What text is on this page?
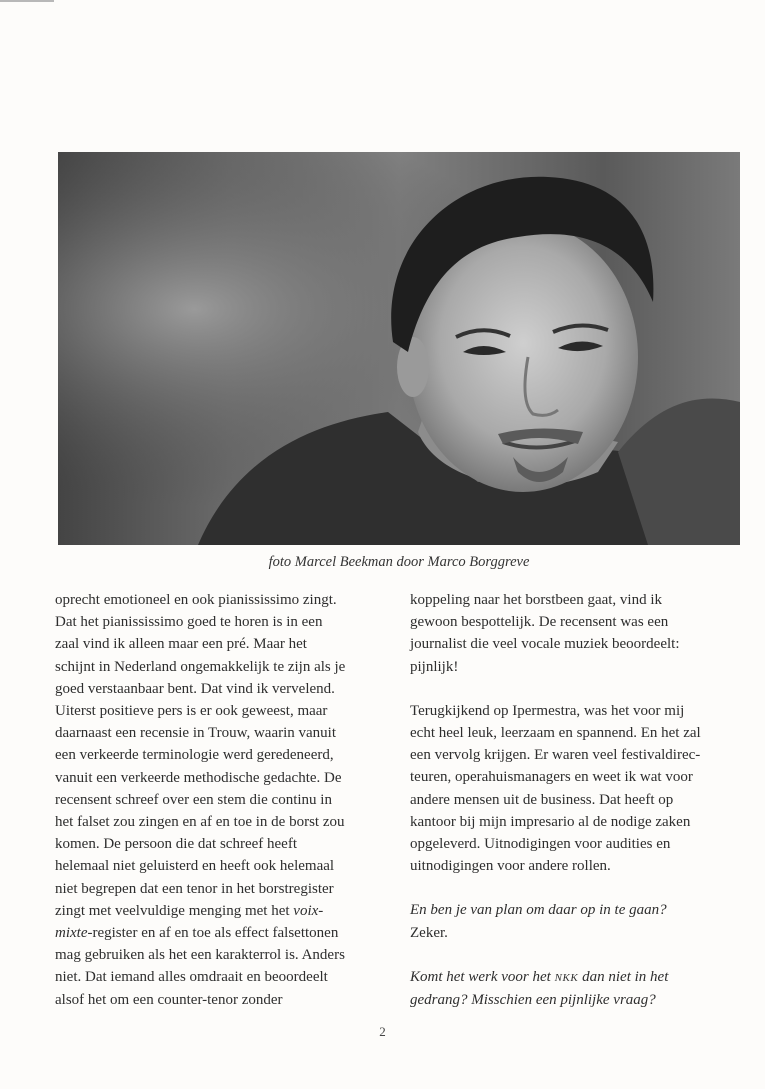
foto Marcel Beekman door Marco Borggreve
oprecht emotioneel en ook pianississimo zingt.
Dat het pianississimo goed te horen is in een
zaal vind ik alleen maar een pré. Maar het
schijnt in Nederland ongemakkelijk te zijn als je
goed verstaanbaar bent. Dat vind ik vervelend.
Uiterst positieve pers is er ook geweest, maar
daarnaast een recensie in Trouw, waarin vanuit
een verkeerde terminologie werd geredeneerd,
vanuit een verkeerde methodische gedachte. De
recensent schreef over een stem die continu in
het falset zou zingen en af en toe in de borst zou
komen. De persoon die dat schreef heeft
helemaal niet geluisterd en heeft ook helemaal
niet begrepen dat een tenor in het borstregister
zingt met veelvuldige menging met het voix-
mixte-register en af en toe als effect falsettonen
mag gebruiken als het een karakterrol is. Anders
niet. Dat iemand alles omdraait en beoordeelt
alsof het om een counter-tenor zonder
koppeling naar het borstbeen gaat, vind ik
gewoon bespottelijk. De recensent was een
journalist die veel vocale muziek beoordeelt:
pijnlijk!
Terugkijkend op Ipermestra, was het voor mij
echt heel leuk, leerzaam en spannend. En het zal
een vervolg krijgen. Er waren veel festivaldirec-
teuren, operahuismanagers en weet ik wat voor
andere mensen uit de business. Dat heeft op
kantoor bij mijn impresario al de nodige zaken
opgeleverd. Uitnodigingen voor audities en
uitnodigingen voor andere rollen.
En ben je van plan om daar op in te gaan?
Zeker.
Komt het werk voor het NKK dan niet in het
gedrang? Misschien een pijnlijke vraag?
2
